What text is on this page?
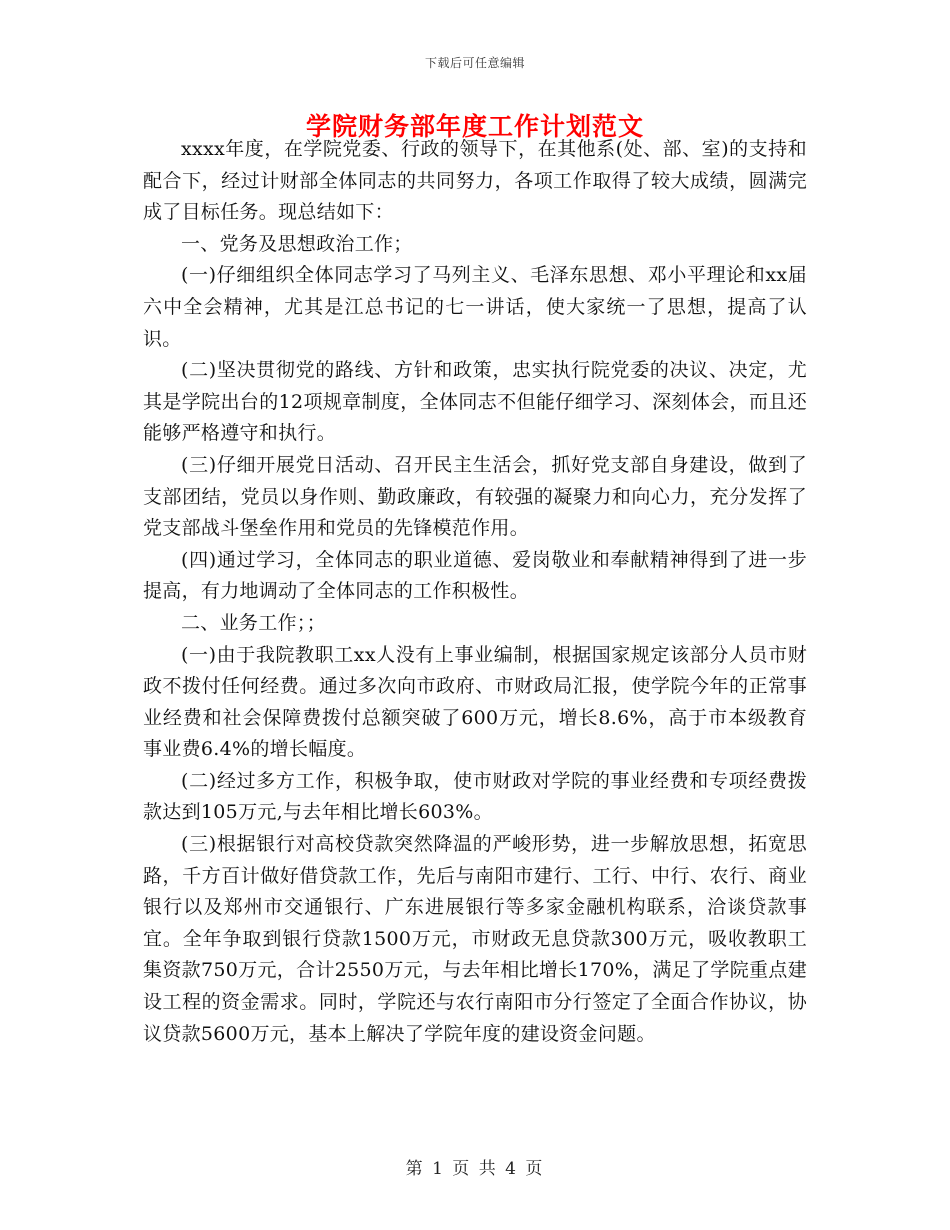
下载后可任意编辑
学院财务部年度工作计划范文

xxxx年度，在学院党委、行政的领导下，在其他系(处、部、室)的支持和配合下，经过计财部全体同志的共同努力，各项工作取得了较大成绩，圆满完成了目标任务。现总结如下：

一、党务及思想政治工作；

(一)仔细组织全体同志学习了马列主义、毛泽东思想、邓小平理论和xx届六中全会精神，尤其是江总书记的七一讲话，使大家统一了思想，提高了认识。

(二)坚决贯彻党的路线、方针和政策，忠实执行院党委的决议、决定，尤其是学院出台的12项规章制度，全体同志不但能仔细学习、深刻体会，而且还能够严格遵守和执行。

(三)仔细开展党日活动、召开民主生活会，抓好党支部自身建设，做到了支部团结，党员以身作则、勤政廉政，有较强的凝聚力和向心力，充分发挥了党支部战斗堡垒作用和党员的先锋模范作用。

(四)通过学习，全体同志的职业道德、爱岗敬业和奉献精神得到了进一步提高，有力地调动了全体同志的工作积极性。

二、业务工作；；

(一)由于我院教职工xx人没有上事业编制，根据国家规定该部分人员市财政不拨付任何经费。通过多次向市政府、市财政局汇报，使学院今年的正常事业经费和社会保障费拨付总额突破了600万元，增长8.6%，高于市本级教育事业费6.4%的增长幅度。

(二)经过多方工作，积极争取，使市财政对学院的事业经费和专项经费拨款达到105万元,与去年相比增长603%。

(三)根据银行对高校贷款突然降温的严峻形势，进一步解放思想，拓宽思路，千方百计做好借贷款工作，先后与南阳市建行、工行、中行、农行、商业银行以及郑州市交通银行、广东进展银行等多家金融机构联系，洽谈贷款事宜。全年争取到银行贷款1500万元，市财政无息贷款300万元，吸收教职工集资款750万元，合计2550万元，与去年相比增长170%，满足了学院重点建设工程的资金需求。同时，学院还与农行南阳市分行签定了全面合作协议，协议贷款5600万元，基本上解决了学院年度的建设资金问题。

第 1 页 共 4 页
